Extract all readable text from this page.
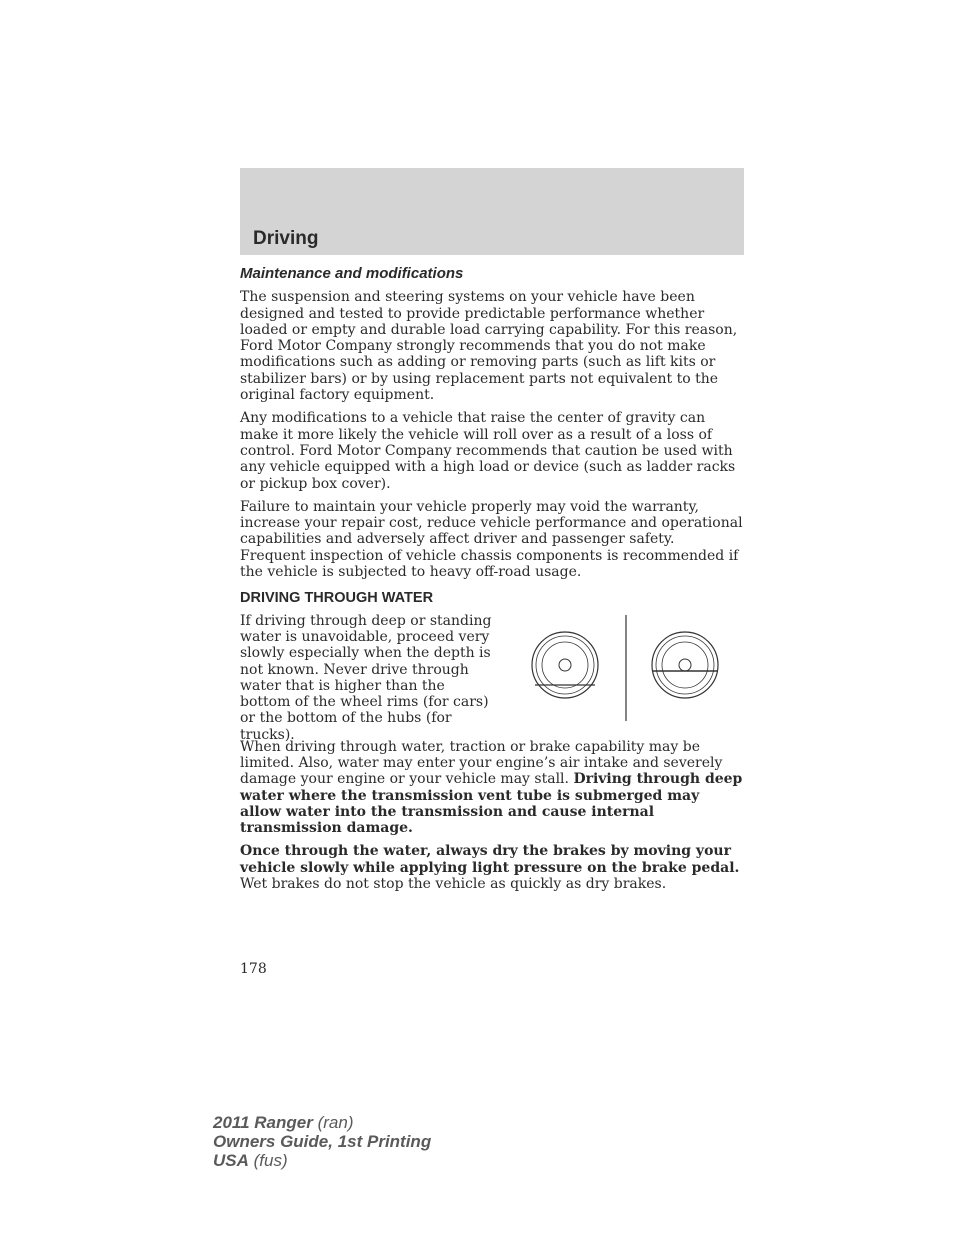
Driving
Maintenance and modifications

The suspension and steering systems on your vehicle have been designed and tested to provide predictable performance whether loaded or empty and durable load carrying capability. For this reason, Ford Motor Company strongly recommends that you do not make modifications such as adding or removing parts (such as lift kits or stabilizer bars) or by using replacement parts not equivalent to the original factory equipment.

Any modifications to a vehicle that raise the center of gravity can make it more likely the vehicle will roll over as a result of a loss of control. Ford Motor Company recommends that caution be used with any vehicle equipped with a high load or device (such as ladder racks or pickup box cover).

Failure to maintain your vehicle properly may void the warranty, increase your repair cost, reduce vehicle performance and operational capabilities and adversely affect driver and passenger safety. Frequent inspection of vehicle chassis components is recommended if the vehicle is subjected to heavy off-road usage.

DRIVING THROUGH WATER

If driving through deep or standing water is unavoidable, proceed very slowly especially when the depth is not known. Never drive through water that is higher than the bottom of the wheel rims (for cars) or the bottom of the hubs (for trucks).

When driving through water, traction or brake capability may be limited. Also, water may enter your engine’s air intake and severely damage your engine or your vehicle may stall. Driving through deep water where the transmission vent tube is submerged may allow water into the transmission and cause internal transmission damage.

Once through the water, always dry the brakes by moving your vehicle slowly while applying light pressure on the brake pedal. Wet brakes do not stop the vehicle as quickly as dry brakes.

178
2011 Ranger (ran)
Owners Guide, 1st Printing
USA (fus)
